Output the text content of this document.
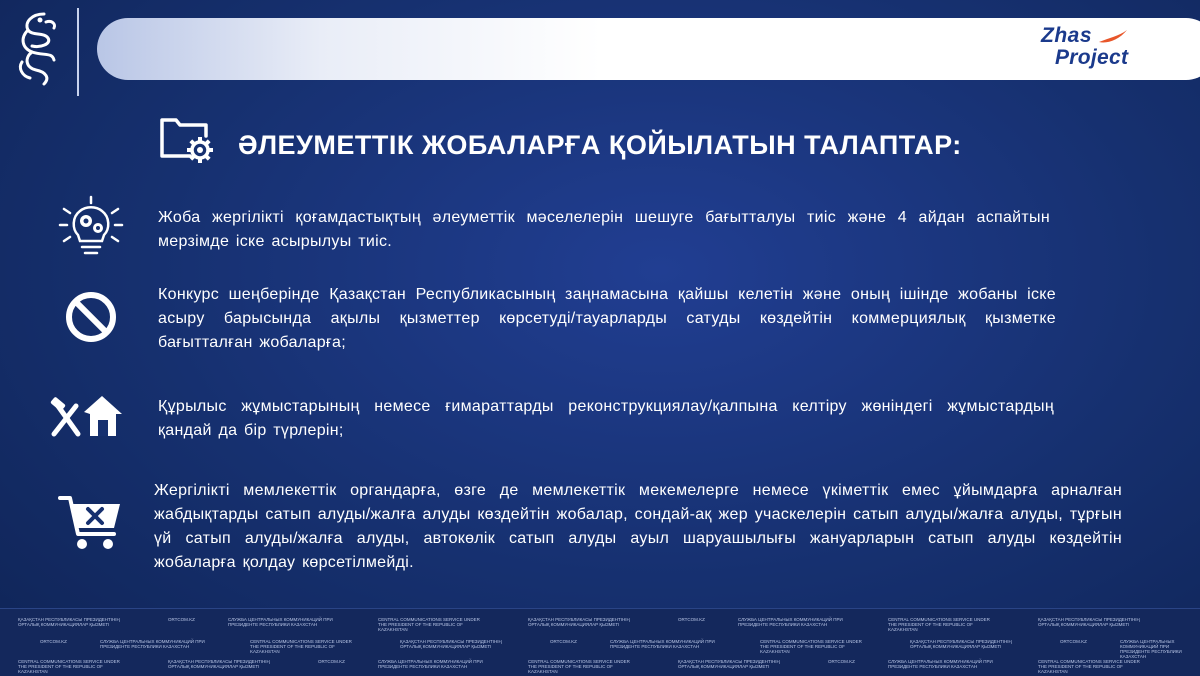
Zhas
Project
ӘЛЕУМЕТТІК ЖОБАЛАРҒА ҚОЙЫЛАТЫН ТАЛАПТАР:
Жоба жергілікті қоғамдастықтың әлеуметтік мәселелерін шешуге бағытталуы тиіс және 4 айдан аспайтын мерзімде іске асырылуы тиіс.
Конкурс шеңберінде Қазақстан Республикасының заңнамасына қайшы келетін және оның ішінде жобаны іске асыру барысында ақылы қызметтер көрсетуді/тауарларды сатуды көздейтін коммерциялық қызметке бағытталған жобаларға;
Құрылыс жұмыстарының немесе ғимараттарды реконструкциялау/қалпына келтіру жөніндегі жұмыстардың қандай да бір түрлерін;
Жергілікті мемлекеттік органдарға, өзге де мемлекеттік мекемелерге немесе үкіметтік емес ұйымдарға арналған жабдықтарды сатып алуды/жалға алуды көздейтін жобалар, сондай-ақ жер учаскелерін сатып алуды/жалға алуды, тұрғын үй сатып алуды/жалға алуды, автокөлік сатып алуды ауыл шаруашылығы жануарларын сатып алуды көздейтін жобаларға қолдау көрсетілмейді.
ҚАЗАҚСТАН РЕСПУБЛИКАСЫ ПРЕЗИДЕНТІНІҢ ОРТАЛЫҚ КОММУНИКАЦИЯЛАР ҚЫЗМЕТІ
ORTCOM.KZ	СЛУЖБА ЦЕНТРАЛЬНЫХ КОММУНИКАЦИЙ ПРИ ПРЕЗИДЕНТЕ РЕСПУБЛИКИ КАЗАХСТАН
CENTRAL COMMUNICATIONS SERVICE UNDER THE PRESIDENT OF THE REPUBLIC OF KAZAKHSTAN
ҚАЗАҚСТАН РЕСПУБЛИКАСЫ ПРЕЗИДЕНТІНІҢ ОРТАЛЫҚ КОММУНИКАЦИЯЛАР ҚЫЗМЕТІ
ORTCOM.KZ	СЛУЖБА ЦЕНТРАЛЬНЫХ КОММУНИКАЦИЙ ПРИ ПРЕЗИДЕНТЕ РЕСПУБЛИКИ КАЗАХСТАН
CENTRAL COMMUNICATIONS SERVICE UNDER THE PRESIDENT OF THE REPUBLIC OF KAZAKHSTAN
ҚАЗАҚСТАН РЕСПУБЛИКАСЫ ПРЕЗИДЕНТІНІҢ ОРТАЛЫҚ КОММУНИКАЦИЯЛАР ҚЫЗМЕТІ
ORTCOM.KZ	СЛУЖБА ЦЕНТРАЛЬНЫХ КОММУНИКАЦИЙ ПРИ ПРЕЗИДЕНТЕ РЕСПУБЛИКИ КАЗАХСТАН
CENTRAL COMMUNICATIONS SERVICE UNDER THE PRESIDENT OF THE REPUBLIC OF KAZAKHSTAN
ҚАЗАҚСТАН РЕСПУБЛИКАСЫ ПРЕЗИДЕНТІНІҢ ОРТАЛЫҚ КОММУНИКАЦИЯЛАР ҚЫЗМЕТІ
ORTCOM.KZ	СЛУЖБА ЦЕНТРАЛЬНЫХ КОММУНИКАЦИЙ ПРИ ПРЕЗИДЕНТЕ РЕСПУБЛИКИ КАЗАХСТАН
CENTRAL COMMUNICATIONS SERVICE UNDER THE PRESIDENT OF THE REPUBLIC OF KAZAKHSTAN
ҚАЗАҚСТАН РЕСПУБЛИКАСЫ ПРЕЗИДЕНТІНІҢ ОРТАЛЫҚ КОММУНИКАЦИЯЛАР ҚЫЗМЕТІ
ORTCOM.KZ	СЛУЖБА ЦЕНТРАЛЬНЫХ КОММУНИКАЦИЙ ПРИ ПРЕЗИДЕНТЕ РЕСПУБЛИКИ КАЗАХСТАН
CENTRAL COMMUNICATIONS SERVICE UNDER THE PRESIDENT OF THE REPUBLIC OF KAZAKHSTAN
ҚАЗАҚСТАН РЕСПУБЛИКАСЫ ПРЕЗИДЕНТІНІҢ ОРТАЛЫҚ КОММУНИКАЦИЯЛАР ҚЫЗМЕТІ
ORTCOM.KZ	СЛУЖБА ЦЕНТРАЛЬНЫХ КОММУНИКАЦИЙ ПРИ ПРЕЗИДЕНТЕ РЕСПУБЛИКИ КАЗАХСТАН
CENTRAL COMMUNICATIONS SERVICE UNDER THE PRESIDENT OF THE REPUBLIC OF KAZAKHSTAN
ҚАЗАҚСТАН РЕСПУБЛИКАСЫ ПРЕЗИДЕНТІНІҢ ОРТАЛЫҚ КОММУНИКАЦИЯЛАР ҚЫЗМЕТІ
ORTCOM.KZ	СЛУЖБА ЦЕНТРАЛЬНЫХ КОММУНИКАЦИЙ ПРИ ПРЕЗИДЕНТЕ РЕСПУБЛИКИ КАЗАХСТАН
CENTRAL COMMUNICATIONS SERVICE UNDER THE PRESIDENT OF THE REPUBLIC OF KAZAKHSTAN
